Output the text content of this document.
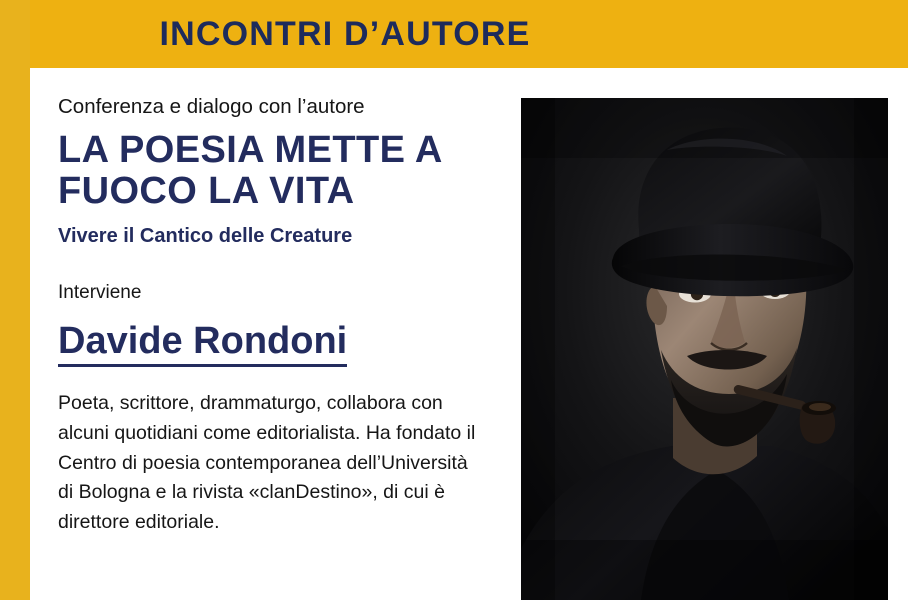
INCONTRI D’AUTORE

Conferenza e dialogo con l’autore

LA POESIA METTE A FUOCO LA VITA

Vivere il Cantico delle Creature

Interviene

Davide Rondoni

Poeta, scrittore, drammaturgo, collabora con alcuni quotidiani come editorialista. Ha fondato il Centro di poesia contemporanea dell’Università di Bologna e la rivista «clanDestino», di cui è direttore editoriale.
